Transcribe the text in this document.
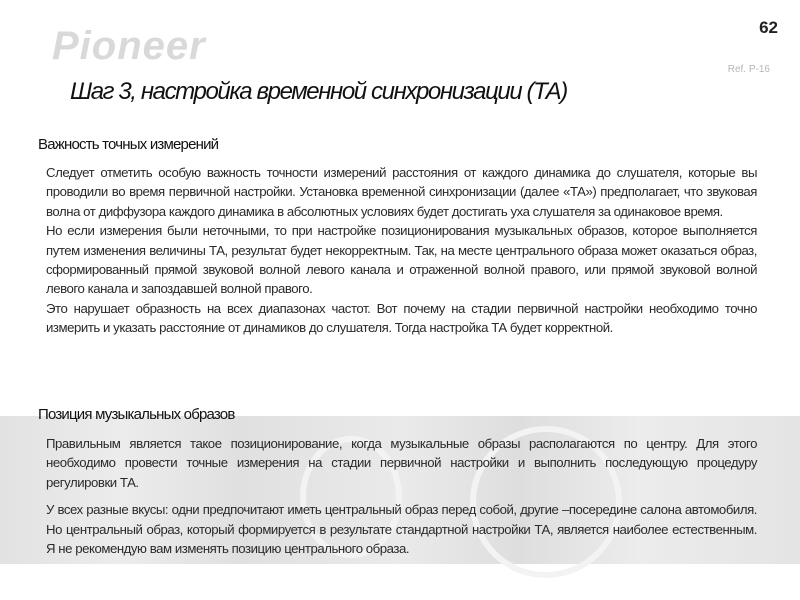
Pioneer	62
Ref. P-16
Шаг 3, настройка временной синхронизации (ТА)
Важность точных измерений

Следует отметить особую важность точности измерений расстояния от каждого динамика до слушателя, которые вы проводили во время первичной настройки. Установка временной синхронизации (далее «ТА») предполагает, что звуковая волна от диффузора каждого динамика в абсолютных условиях будет достигать уха слушателя за одинаковое время.

Но если измерения были неточными, то при настройке позиционирования музыкальных образов, которое выполняется путем изменения величины ТА, результат будет некорректным. Так, на месте центрального образа может оказаться образ, сформированный прямой звуковой волной левого канала и отраженной волной правого, или прямой звуковой волной левого канала и запоздавшей волной правого.

Это нарушает образность на всех диапазонах частот. Вот почему на стадии первичной настройки необходимо точно измерить и указать расстояние от динамиков до слушателя. Тогда настройка ТА будет корректной.

Позиция музыкальных образов

Правильным является такое позиционирование, когда музыкальные образы располагаются по центру. Для этого необходимо провести точные измерения на стадии первичной настройки и выполнить последующую процедуру регулировки ТА.

У всех разные вкусы: одни предпочитают иметь центральный образ перед собой, другие –посередине салона автомобиля. Но центральный образ, который формируется в результате стандартной настройки ТА, является наиболее естественным. Я не рекомендую вам изменять позицию центрального образа.
